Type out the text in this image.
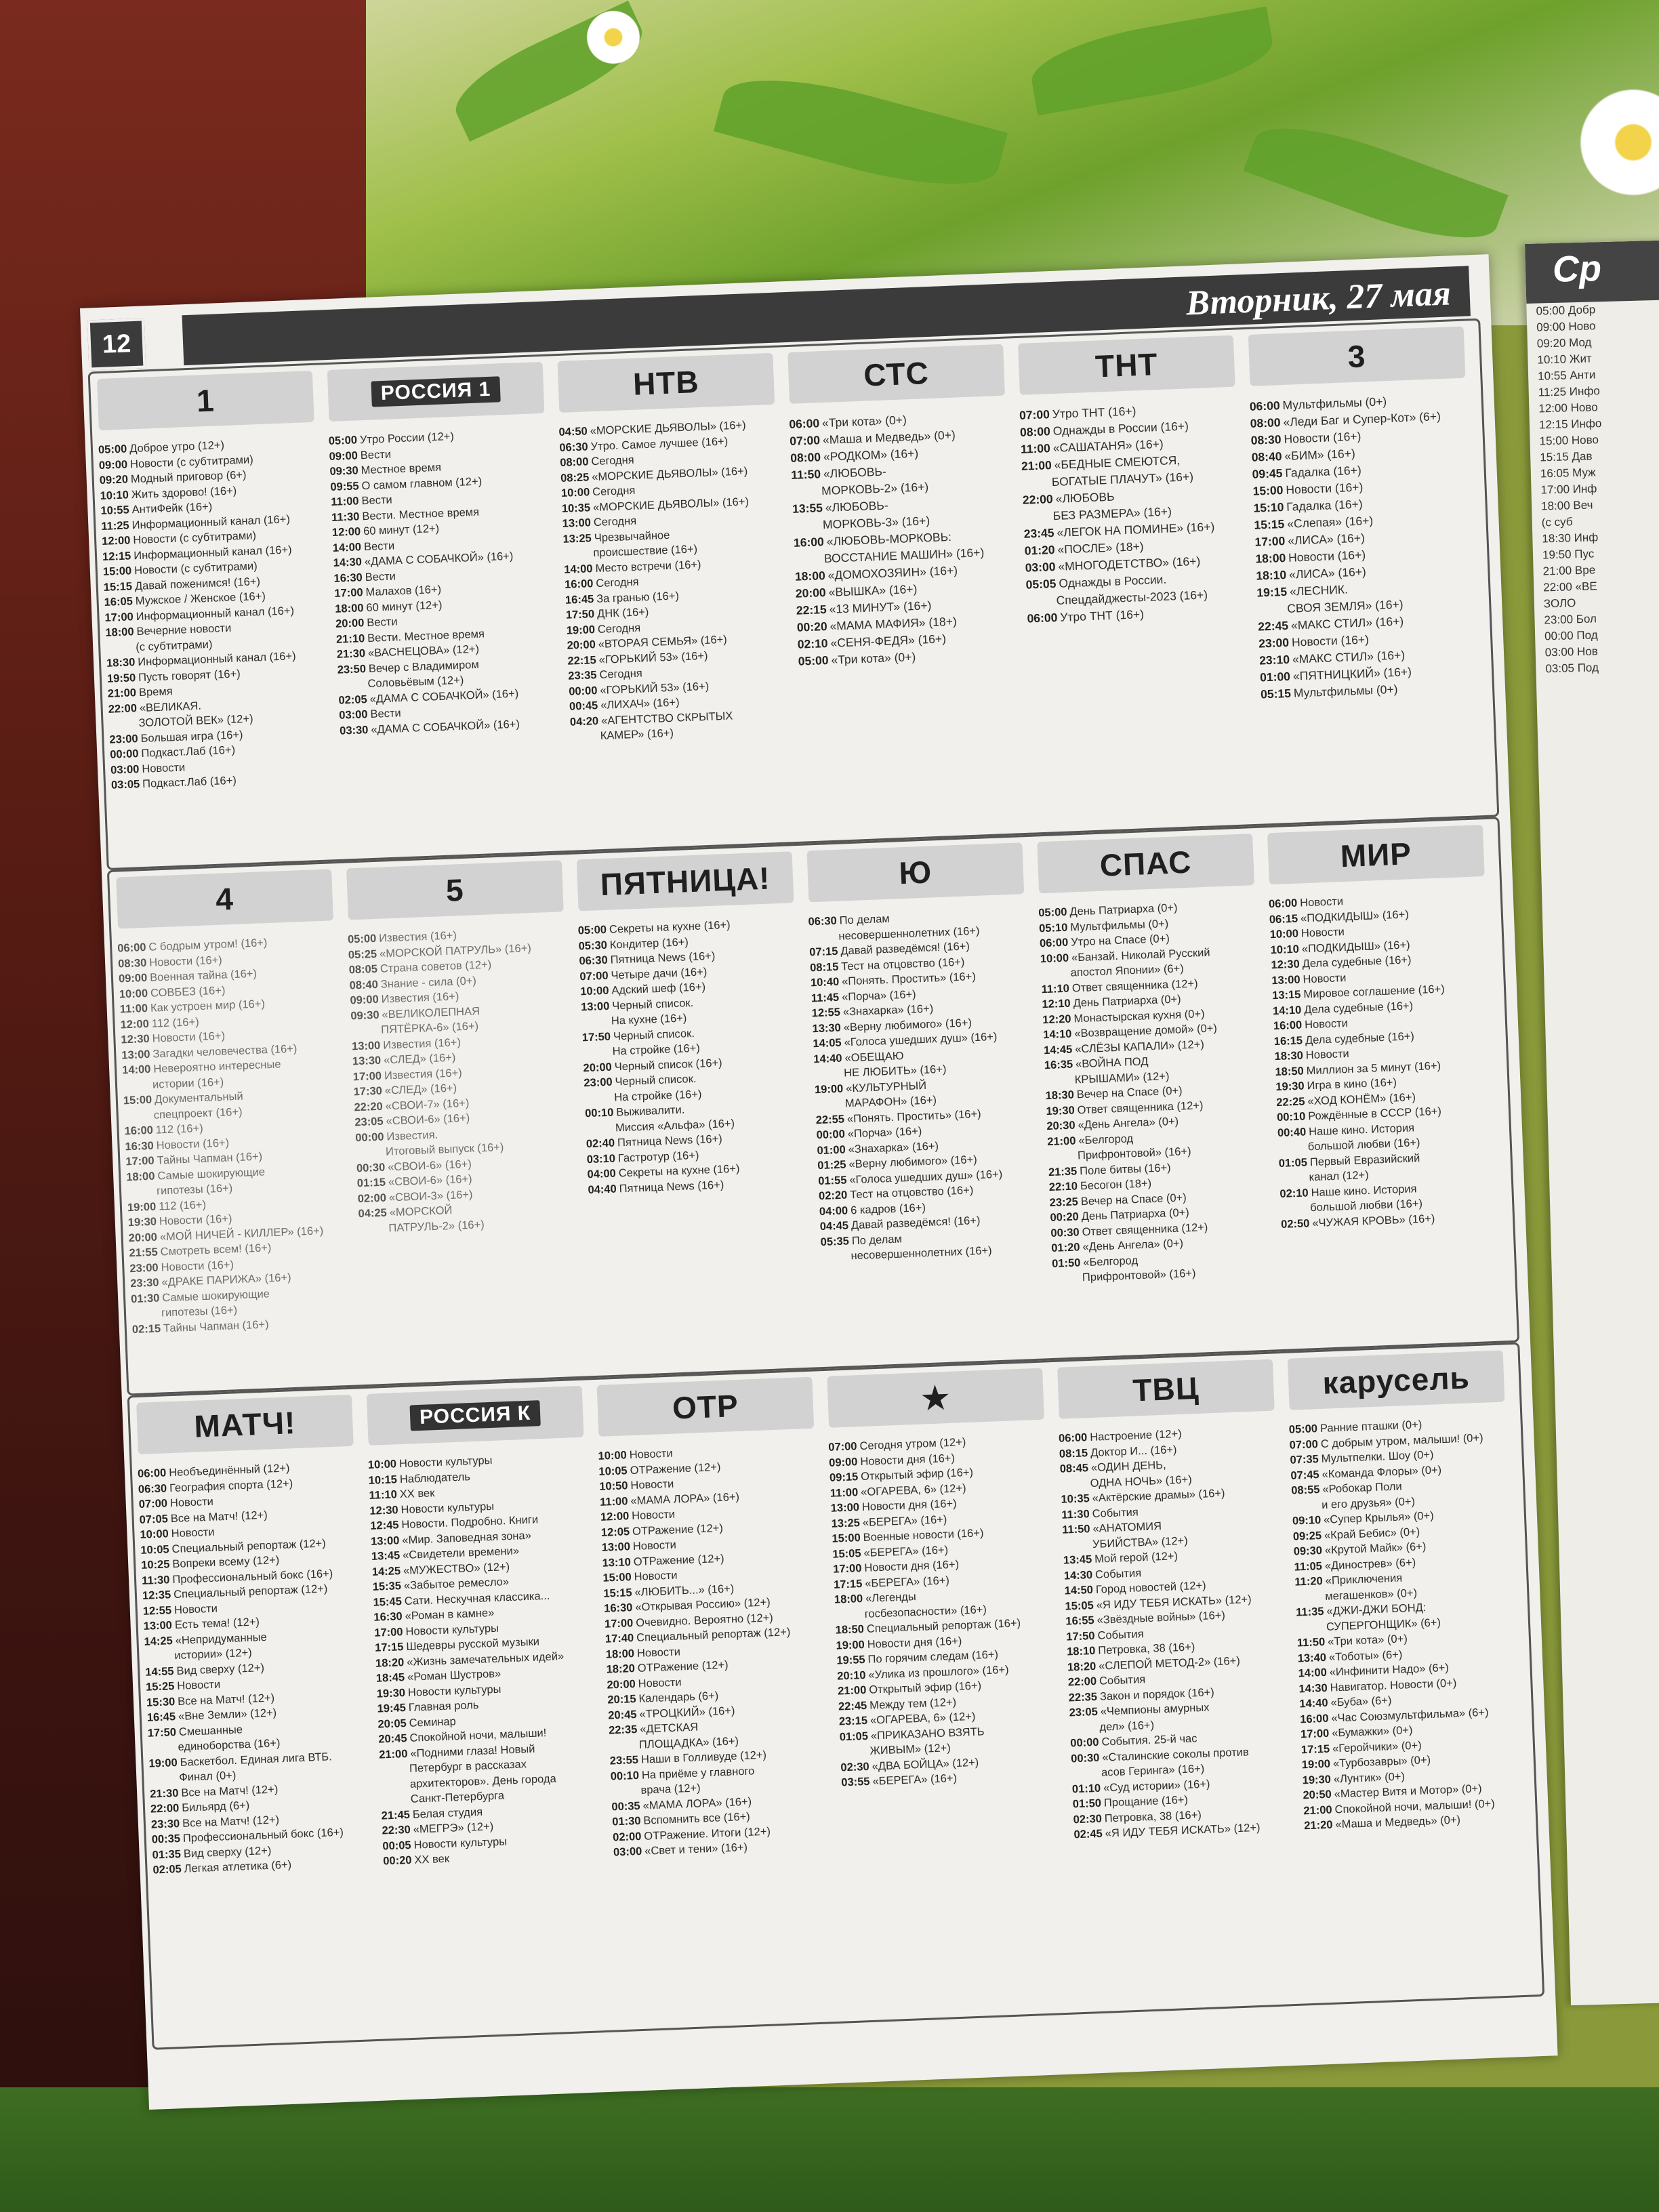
Ср
05:00 Добр
09:00 Ново
09:20 Мод
10:10 Жит
10:55 Анти
11:25 Инфо
12:00 Ново
12:15 Инфо
15:00 Ново
15:15 Дав
16:05 Муж
17:00 Инф
18:00 Веч
(с суб
18:30 Инф
19:50 Пус
21:00 Вре
22:00 «ВЕ
ЗОЛО
23:00 Бол
00:00 Под
03:00 Нов
03:05 Под
12
Вторник, 27 мая
1
05:00 Доброе утро (12+)
09:00 Новости (с субтитрами)
09:20 Модный приговор (6+)
10:10 Жить здорово! (16+)
10:55 АнтиФейк (16+)
11:25 Информационный канал (16+)
12:00 Новости (с субтитрами)
12:15 Информационный канал (16+)
15:00 Новости (с субтитрами)
15:15 Давай поженимся! (16+)
16:05 Мужское / Женское (16+)
17:00 Информационный канал (16+)
18:00 Вечерние новости
(с субтитрами)
18:30 Информационный канал (16+)
19:50 Пусть говорят (16+)
21:00 Время
22:00 «ВЕЛИКАЯ.
ЗОЛОТОЙ ВЕК» (12+)
23:00 Большая игра (16+)
00:00 Подкаст.Лаб (16+)
03:00 Новости
03:05 Подкаст.Лаб (16+)
РОССИЯ 1
05:00 Утро России (12+)
09:00 Вести
09:30 Местное время
09:55 О самом главном (12+)
11:00 Вести
11:30 Вести. Местное время
12:00 60 минут (12+)
14:00 Вести
14:30 «ДАМА С СОБАЧКОЙ» (16+)
16:30 Вести
17:00 Малахов (16+)
18:00 60 минут (12+)
20:00 Вести
21:10 Вести. Местное время
21:30 «ВАСНЕЦОВА» (12+)
23:50 Вечер с Владимиром
Соловьёвым (12+)
02:05 «ДАМА С СОБАЧКОЙ» (16+)
03:00 Вести
03:30 «ДАМА С СОБАЧКОЙ» (16+)
НТВ
04:50 «МОРСКИЕ ДЬЯВОЛЫ» (16+)
06:30 Утро. Самое лучшее (16+)
08:00 Сегодня
08:25 «МОРСКИЕ ДЬЯВОЛЫ» (16+)
10:00 Сегодня
10:35 «МОРСКИЕ ДЬЯВОЛЫ» (16+)
13:00 Сегодня
13:25 Чрезвычайное
происшествие (16+)
14:00 Место встречи (16+)
16:00 Сегодня
16:45 За гранью (16+)
17:50 ДНК (16+)
19:00 Сегодня
20:00 «ВТОРАЯ СЕМЬЯ» (16+)
22:15 «ГОРЬКИЙ 53» (16+)
23:35 Сегодня
00:00 «ГОРЬКИЙ 53» (16+)
00:45 «ЛИХАЧ» (16+)
04:20 «АГЕНТСТВО СКРЫТЫХ
КАМЕР» (16+)
СТС
06:00 «Три кота» (0+)
07:00 «Маша и Медведь» (0+)
08:00 «РОДКОМ» (16+)
11:50 «ЛЮБОВЬ-
МОРКОВЬ-2» (16+)
13:55 «ЛЮБОВЬ-
МОРКОВЬ-3» (16+)
16:00 «ЛЮБОВЬ-МОРКОВЬ:
ВОССТАНИЕ МАШИН» (16+)
18:00 «ДОМОХОЗЯИН» (16+)
20:00 «ВЫШКА» (16+)
22:15 «13 МИНУТ» (16+)
00:20 «МАМА МАФИЯ» (18+)
02:10 «СЕНЯ-ФЕДЯ» (16+)
05:00 «Три кота» (0+)
ТНТ
07:00 Утро ТНТ (16+)
08:00 Однажды в России (16+)
11:00 «САШАТАНЯ» (16+)
21:00 «БЕДНЫЕ СМЕЮТСЯ,
БОГАТЫЕ ПЛАЧУТ» (16+)
22:00 «ЛЮБОВЬ
БЕЗ РАЗМЕРА» (16+)
23:45 «ЛЕГОК НА ПОМИНЕ» (16+)
01:20 «ПОСЛЕ» (18+)
03:00 «МНОГОДЕТСТВО» (16+)
05:05 Однажды в России.
Спецдайджесты-2023 (16+)
06:00 Утро ТНТ (16+)
3
06:00 Мультфильмы (0+)
08:00 «Леди Баг и Супер-Кот» (6+)
08:30 Новости (16+)
08:40 «БИМ» (16+)
09:45 Гадалка (16+)
15:00 Новости (16+)
15:10 Гадалка (16+)
15:15 «Слепая» (16+)
17:00 «ЛИСА» (16+)
18:00 Новости (16+)
18:10 «ЛИСА» (16+)
19:15 «ЛЕСНИК.
СВОЯ ЗЕМЛЯ» (16+)
22:45 «МАКС СТИЛ» (16+)
23:00 Новости (16+)
23:10 «МАКС СТИЛ» (16+)
01:00 «ПЯТНИЦКИЙ» (16+)
05:15 Мультфильмы (0+)
4
06:00 С бодрым утром! (16+)
08:30 Новости (16+)
09:00 Военная тайна (16+)
10:00 СОВБЕЗ (16+)
11:00 Как устроен мир (16+)
12:00 112 (16+)
12:30 Новости (16+)
13:00 Загадки человечества (16+)
14:00 Невероятно интересные
истории (16+)
15:00 Документальный
спецпроект (16+)
16:00 112 (16+)
16:30 Новости (16+)
17:00 Тайны Чапман (16+)
18:00 Самые шокирующие
гипотезы (16+)
19:00 112 (16+)
19:30 Новости (16+)
20:00 «МОЙ НИЧЕЙ - КИЛЛЕР» (16+)
21:55 Смотреть всем! (16+)
23:00 Новости (16+)
23:30 «ДРАКЕ ПАРИЖА» (16+)
01:30 Самые шокирующие
гипотезы (16+)
02:15 Тайны Чапман (16+)
5
05:00 Известия (16+)
05:25 «МОРСКОЙ ПАТРУЛЬ» (16+)
08:05 Страна советов (12+)
08:40 Знание - сила (0+)
09:00 Известия (16+)
09:30 «ВЕЛИКОЛЕПНАЯ
ПЯТЁРКА-6» (16+)
13:00 Известия (16+)
13:30 «СЛЕД» (16+)
17:00 Известия (16+)
17:30 «СЛЕД» (16+)
22:20 «СВОИ-7» (16+)
23:05 «СВОИ-6» (16+)
00:00 Известия.
Итоговый выпуск (16+)
00:30 «СВОИ-6» (16+)
01:15 «СВОИ-6» (16+)
02:00 «СВОИ-3» (16+)
04:25 «МОРСКОЙ
ПАТРУЛЬ-2» (16+)
ПЯТНИЦА!
05:00 Секреты на кухне (16+)
05:30 Кондитер (16+)
06:30 Пятница News (16+)
07:00 Четыре дачи (16+)
10:00 Адский шеф (16+)
13:00 Черный список.
На кухне (16+)
17:50 Черный список.
На стройке (16+)
20:00 Черный список (16+)
23:00 Черный список.
На стройке (16+)
00:10 Выживалити.
Миссия «Альфа» (16+)
02:40 Пятница News (16+)
03:10 Гастротур (16+)
04:00 Секреты на кухне (16+)
04:40 Пятница News (16+)
Ю
06:30 По делам
несовершеннолетних (16+)
07:15 Давай разведёмся! (16+)
08:15 Тест на отцовство (16+)
10:40 «Понять. Простить» (16+)
11:45 «Порча» (16+)
12:55 «Знахарка» (16+)
13:30 «Верну любимого» (16+)
14:05 «Голоса ушедших душ» (16+)
14:40 «ОБЕЩАЮ
НЕ ЛЮБИТЬ» (16+)
19:00 «КУЛЬТУРНЫЙ
МАРАФОН» (16+)
22:55 «Понять. Простить» (16+)
00:00 «Порча» (16+)
01:00 «Знахарка» (16+)
01:25 «Верну любимого» (16+)
01:55 «Голоса ушедших душ» (16+)
02:20 Тест на отцовство (16+)
04:00 6 кадров (16+)
04:45 Давай разведёмся! (16+)
05:35 По делам
несовершеннолетних (16+)
СПАС
05:00 День Патриарха (0+)
05:10 Мультфильмы (0+)
06:00 Утро на Спасе (0+)
10:00 «Банзай. Николай Русский
апостол Японии» (6+)
11:10 Ответ священника (12+)
12:10 День Патриарха (0+)
12:20 Монастырская кухня (0+)
14:10 «Возвращение домой» (0+)
14:45 «СЛЁЗЫ КАПАЛИ» (12+)
16:35 «ВОЙНА ПОД
КРЫШАМИ» (12+)
18:30 Вечер на Спасе (0+)
19:30 Ответ священника (12+)
20:30 «День Ангела» (0+)
21:00 «Белгород
Прифронтовой» (16+)
21:35 Поле битвы (16+)
22:10 Бесогон (18+)
23:25 Вечер на Спасе (0+)
00:20 День Патриарха (0+)
00:30 Ответ священника (12+)
01:20 «День Ангела» (0+)
01:50 «Белгород
Прифронтовой» (16+)
МИР
06:00 Новости
06:15 «ПОДКИДЫШ» (16+)
10:00 Новости
10:10 «ПОДКИДЫШ» (16+)
12:30 Дела судебные (16+)
13:00 Новости
13:15 Мировое соглашение (16+)
14:10 Дела судебные (16+)
16:00 Новости
16:15 Дела судебные (16+)
18:30 Новости
18:50 Миллион за 5 минут (16+)
19:30 Игра в кино (16+)
22:25 «ХОД КОНЁМ» (16+)
00:10 Рождённые в СССР (16+)
00:40 Наше кино. История
большой любви (16+)
01:05 Первый Евразийский
канал (12+)
02:10 Наше кино. История
большой любви (16+)
02:50 «ЧУЖАЯ КРОВЬ» (16+)
МАТЧ!
06:00 Необъединённый (12+)
06:30 География спорта (12+)
07:00 Новости
07:05 Все на Матч! (12+)
10:00 Новости
10:05 Специальный репортаж (12+)
10:25 Вопреки всему (12+)
11:30 Профессиональный бокс (16+)
12:35 Специальный репортаж (12+)
12:55 Новости
13:00 Есть тема! (12+)
14:25 «Непридуманные
истории» (12+)
14:55 Вид сверху (12+)
15:25 Новости
15:30 Все на Матч! (12+)
16:45 «Вне Земли» (12+)
17:50 Смешанные
единоборства (16+)
19:00 Баскетбол. Единая лига ВТБ.
Финал (0+)
21:30 Все на Матч! (12+)
22:00 Бильярд (6+)
23:30 Все на Матч! (12+)
00:35 Профессиональный бокс (16+)
01:35 Вид сверху (12+)
02:05 Легкая атлетика (6+)
РОССИЯ К
10:00 Новости культуры
10:15 Наблюдатель
11:10 XX век
12:30 Новости культуры
12:45 Новости. Подробно. Книги
13:00 «Мир. Заповедная зона»
13:45 «Свидетели времени»
14:25 «МУЖЕСТВО» (12+)
15:35 «Забытое ремесло»
15:45 Сати. Нескучная классика...
16:30 «Роман в камне»
17:00 Новости культуры
17:15 Шедевры русской музыки
18:20 «Жизнь замечательных идей»
18:45 «Роман Шустров»
19:30 Новости культуры
19:45 Главная роль
20:05 Семинар
20:45 Спокойной ночи, малыши!
21:00 «Подними глаза! Новый
Петербург в рассказах
архитекторов». День города
Санкт-Петербурга
21:45 Белая студия
22:30 «МЕГРЭ» (12+)
00:05 Новости культуры
00:20 XX век
ОТР
10:00 Новости
10:05 ОТРажение (12+)
10:50 Новости
11:00 «МАМА ЛОРА» (16+)
12:00 Новости
12:05 ОТРажение (12+)
13:00 Новости
13:10 ОТРажение (12+)
15:00 Новости
15:15 «ЛЮБИТЬ...» (16+)
16:30 «Открывая Россию» (12+)
17:00 Очевидно. Вероятно (12+)
17:40 Специальный репортаж (12+)
18:00 Новости
18:20 ОТРажение (12+)
20:00 Новости
20:15 Календарь (6+)
20:45 «ТРОЦКИЙ» (16+)
22:35 «ДЕТСКАЯ
ПЛОЩАДКА» (16+)
23:55 Наши в Голливуде (12+)
00:10 На приёме у главного
врача (12+)
00:35 «МАМА ЛОРА» (16+)
01:30 Вспомнить все (16+)
02:00 ОТРажение. Итоги (12+)
03:00 «Свет и тени» (16+)
★
07:00 Сегодня утром (12+)
09:00 Новости дня (16+)
09:15 Открытый эфир (16+)
11:00 «ОГАРЕВА, 6» (12+)
13:00 Новости дня (16+)
13:25 «БЕРЕГА» (16+)
15:00 Военные новости (16+)
15:05 «БЕРЕГА» (16+)
17:00 Новости дня (16+)
17:15 «БЕРЕГА» (16+)
18:00 «Легенды
госбезопасности» (16+)
18:50 Специальный репортаж (16+)
19:00 Новости дня (16+)
19:55 По горячим следам (16+)
20:10 «Улика из прошлого» (16+)
21:00 Открытый эфир (16+)
22:45 Между тем (12+)
23:15 «ОГАРЕВА, 6» (12+)
01:05 «ПРИКАЗАНО ВЗЯТЬ
ЖИВЫМ» (12+)
02:30 «ДВА БОЙЦА» (12+)
03:55 «БЕРЕГА» (16+)
ТВЦ
06:00 Настроение (12+)
08:15 Доктор И... (16+)
08:45 «ОДИН ДЕНЬ,
ОДНА НОЧЬ» (16+)
10:35 «Актёрские драмы» (16+)
11:30 События
11:50 «АНАТОМИЯ
УБИЙСТВА» (12+)
13:45 Мой герой (12+)
14:30 События
14:50 Город новостей (12+)
15:05 «Я ИДУ ТЕБЯ ИСКАТЬ» (12+)
16:55 «Звёздные войны» (16+)
17:50 События
18:10 Петровка, 38 (16+)
18:20 «СЛЕПОЙ МЕТОД-2» (16+)
22:00 События
22:35 Закон и порядок (16+)
23:05 «Чемпионы амурных
дел» (16+)
00:00 События. 25-й час
00:30 «Сталинские соколы против
асов Геринга» (16+)
01:10 «Суд истории» (16+)
01:50 Прощание (16+)
02:30 Петровка, 38 (16+)
02:45 «Я ИДУ ТЕБЯ ИСКАТЬ» (12+)
карусель
05:00 Ранние пташки (0+)
07:00 С добрым утром, малыши! (0+)
07:35 Мультпелки. Шоу (0+)
07:45 «Команда Флоры» (0+)
08:55 «Робокар Поли
и его друзья» (0+)
09:10 «Супер Крылья» (0+)
09:25 «Край Бебис» (0+)
09:30 «Крутой Майк» (6+)
11:05 «Динострев» (6+)
11:20 «Приключения
мегашенков» (0+)
11:35 «ДЖИ-ДЖИ БОНД:
СУПЕРГОНЩИК» (6+)
11:50 «Три кота» (0+)
13:40 «Тоботы» (6+)
14:00 «Инфинити Надо» (6+)
14:30 Навигатор. Новости (0+)
14:40 «Буба» (6+)
16:00 «Час Союзмультфильма» (6+)
17:00 «Бумажки» (0+)
17:15 «Геройчики» (0+)
19:00 «Турбозавры» (0+)
19:30 «Лунтик» (0+)
20:50 «Мастер Витя и Мотор» (0+)
21:00 Спокойной ночи, малыши! (0+)
21:20 «Маша и Медведь» (0+)
